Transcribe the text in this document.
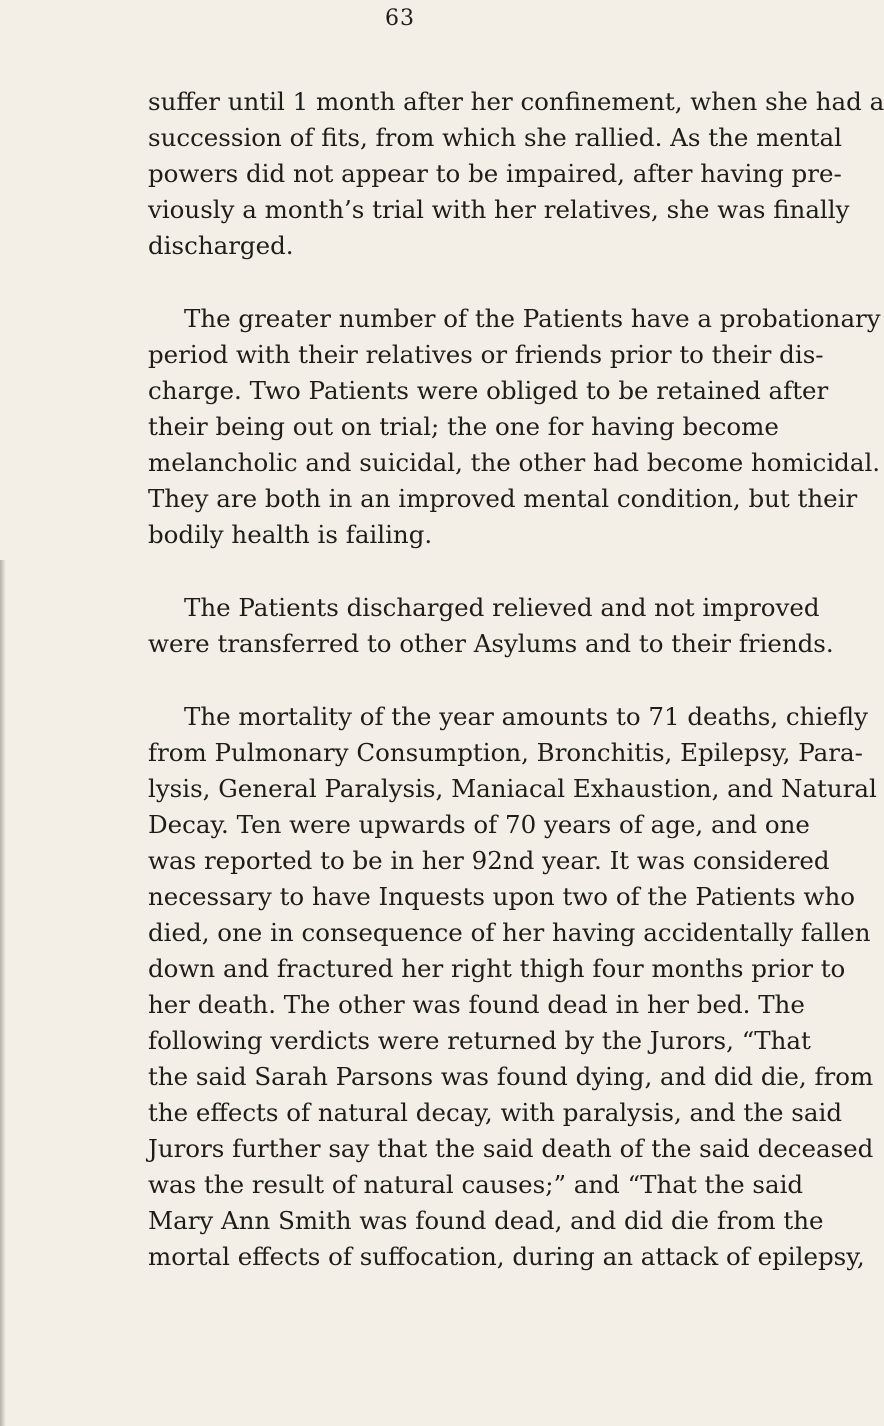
63
suffer until 1 month after her confinement, when she had a
succession of fits, from which she rallied. As the mental
powers did not appear to be impaired, after having pre-
viously a month’s trial with her relatives, she was finally
discharged.
The greater number of the Patients have a probationary
period with their relatives or friends prior to their dis-
charge. Two Patients were obliged to be retained after
their being out on trial; the one for having become
melancholic and suicidal, the other had become homicidal.
They are both in an improved mental condition, but their
bodily health is failing.
The Patients discharged relieved and not improved
were transferred to other Asylums and to their friends.
The mortality of the year amounts to 71 deaths, chiefly
from Pulmonary Consumption, Bronchitis, Epilepsy, Para-
lysis, General Paralysis, Maniacal Exhaustion, and Natural
Decay. Ten were upwards of 70 years of age, and one
was reported to be in her 92nd year. It was considered
necessary to have Inquests upon two of the Patients who
died, one in consequence of her having accidentally fallen
down and fractured her right thigh four months prior to
her death. The other was found dead in her bed. The
following verdicts were returned by the Jurors, “That
the said Sarah Parsons was found dying, and did die, from
the effects of natural decay, with paralysis, and the said
Jurors further say that the said death of the said deceased
was the result of natural causes;” and “That the said
Mary Ann Smith was found dead, and did die from the
mortal effects of suffocation, during an attack of epilepsy,
